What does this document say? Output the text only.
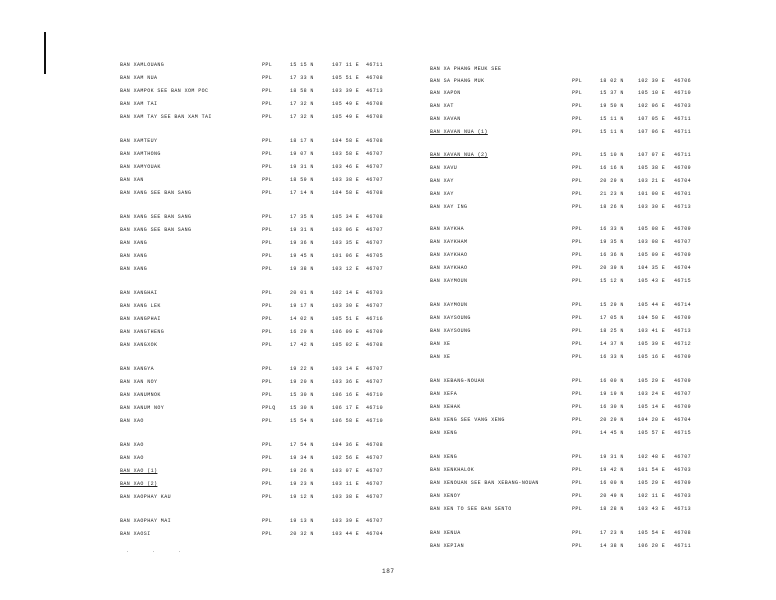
BAN XAMLOUANG	PPL	15 15 N	107 11 E 46711
BAN XAM NUA	PPL	17 33 N	105 51 E 46708
BAN XAMPOK SEE BAN XOM POC	PPL	18 58 N	103 39 E 46713
BAN XAM TAI	PPL	17 32 N	105 49 E 46708
BAN XAM TAY SEE BAN XAM TAI	PPL	17 32 N	105 49 E 46708
BAN XAMTEUY	PPL	18 17 N	104 58 E 46708
BAN XAMTHONG	PPL	19 07 N	103 58 E 46707
BAN XAMYOUAK	PPL	19 31 N	103 46 E 46707
BAN XAN	PPL	18 59 N	103 38 E 46707
BAN XANG SEE BAN SANG	PPL	17 14 N	104 58 E 46708
BAN XANG SEE BAN SANG	PPL	17 35 N	105 34 E 46708
BAN XANG SEE BAN SANG	PPL	19 31 N	103 06 E 46707
BAN XANG	PPL	19 36 N	103 35 E 46707
BAN XANG	PPL	19 45 N	101 06 E 46705
BAN XANG	PPL	19 38 N	103 12 E 46707
BAN XANGHAI	PPL	20 01 N	102 14 E 46703
BAN XANG LEK	PPL	19 17 N	103 30 E 46707
BAN XANGPHAI	PPL	14 02 N	105 51 E 46716
BAN XANGTHENG	PPL	16 29 N	106 09 E 46709
BAN XANGXOK	PPL	17 42 N	105 02 E 46708
BAN XANGYA	PPL	19 22 N	103 14 E 46707
BAN XAN NOY	PPL	19 20 N	103 36 E 46707
BAN XANUMNOK	PPL	15 30 N	106 16 E 46710
BAN XANUM NOY	PPLQ	15 30 N	106 17 E 46710
BAN XAO	PPL	15 54 N	106 58 E 46710
BAN XAO	PPL	17 54 N	104 36 E 46708
BAN XAO	PPL	19 34 N	102 56 E 46707
BAN XAO (1)	PPL	19 26 N	103 07 E 46707
BAN XAO (2)	PPL	19 23 N	103 11 E 46707
BAN XAOPHAY KAU	PPL	19 12 N	103 38 E 46707
BAN XAOPHAY MAI	PPL	19 13 N	103 39 E 46707
BAN XAOSI	PPL	20 32 N	103 44 E 46704
BAN XA PHANG MEUK SEE
BAN SA PHANG MUK	PPL	18 02 N	102 39 E 46706
BAN XAPON	PPL	15 37 N	105 10 E 46710
BAN XAT	PPL	19 50 N	102 06 E 46703
BAN XAVAN	PPL	15 11 N	107 05 E 46711
BAN XAVAN NUA (1)	PPL	15 11 N	107 06 E 46711
BAN XAVAN NUA (2)	PPL	15 10 N	107 07 E 46711
BAN XAVU	PPL	16 16 N	105 38 E 46709
BAN XAY	PPL	20 29 N	103 21 E 46704
BAN XAY	PPL	21 23 N	101 00 E 46701
BAN XAY ING	PPL	18 26 N	103 30 E 46713
BAN XAYKHA	PPL	16 33 N	105 08 E 46709
BAN XAYKHAM	PPL	19 35 N	103 08 E 46707
BAN XAYKHAO	PPL	16 36 N	105 09 E 46709
BAN XAYKHAO	PPL	20 39 N	104 35 E 46704
BAN XAYMOUN	PPL	15 12 N	105 43 E 46715
BAN XAYMOUN	PPL	15 29 N	105 44 E 46714
BAN XAYSOUNG	PPL	17 05 N	104 50 E 46709
BAN XAYSOUNG	PPL	18 25 N	103 41 E 46713
BAN XE	PPL	14 37 N	105 39 E 46712
BAN XE	PPL	16 33 N	105 16 E 46709
BAN XEBANG-NOUAN	PPL	16 00 N	105 29 E 46709
BAN XEFA	PPL	19 19 N	103 24 E 46707
BAN XEHAK	PPL	16 30 N	105 14 E 46709
BAN XENG SEE VANG XENG	PPL	20 29 N	104 20 E 46704
BAN XENG	PPL	14 45 N	105 57 E 46715
BAN XENG	PPL	19 31 N	102 48 E 46707
BAN XENKHALOK	PPL	19 42 N	101 54 E 46703
BAN XENOUAN SEE BAN XEBANG-NOUAN	PPL	16 00 N	105 29 E 46709
BAN XENOY	PPL	20 49 N	102 11 E 46703
BAN XEN TO SEE BAN SENTO	PPL	18 28 N	103 43 E 46713
BAN XENUA	PPL	17 23 N	105 54 E 46708
BAN XEPIAN	PPL	14 38 N	106 20 E 46711
. . .
187
